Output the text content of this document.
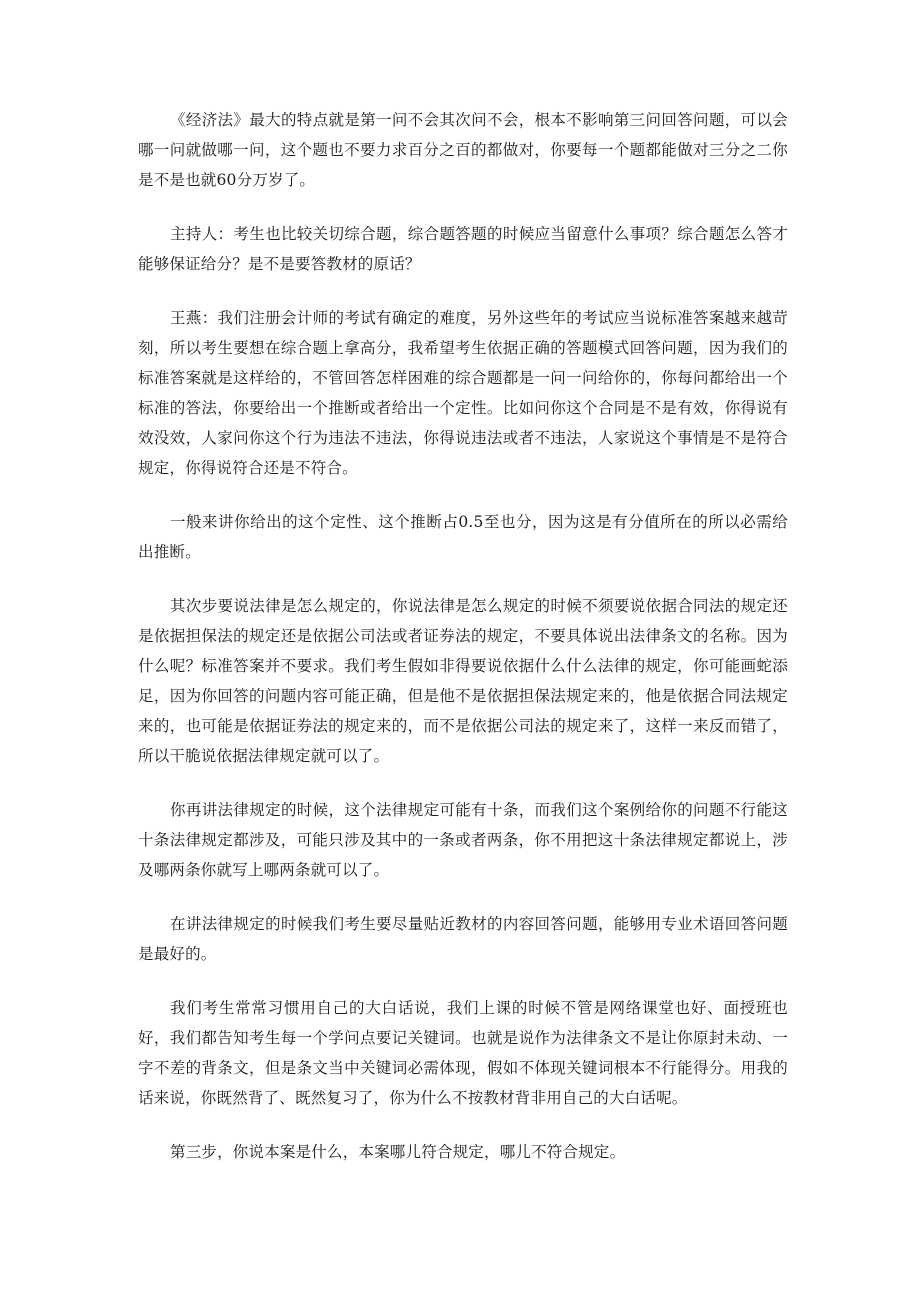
《经济法》最大的特点就是第一问不会其次问不会，根本不影响第三问回答问题，可以会哪一问就做哪一问，这个题也不要力求百分之百的都做对，你要每一个题都能做对三分之二你是不是也就60分万岁了。

主持人：考生也比较关切综合题，综合题答题的时候应当留意什么事项？综合题怎么答才能够保证给分？是不是要答教材的原话？

王燕：我们注册会计师的考试有确定的难度，另外这些年的考试应当说标准答案越来越苛刻，所以考生要想在综合题上拿高分，我希望考生依据正确的答题模式回答问题，因为我们的标准答案就是这样给的，不管回答怎样困难的综合题都是一问一问给你的，你每问都给出一个标准的答法，你要给出一个推断或者给出一个定性。比如问你这个合同是不是有效，你得说有效没效，人家问你这个行为违法不违法，你得说违法或者不违法，人家说这个事情是不是符合规定，你得说符合还是不符合。

一般来讲你给出的这个定性、这个推断占0.5至也分，因为这是有分值所在的所以必需给出推断。

其次步要说法律是怎么规定的，你说法律是怎么规定的时候不须要说依据合同法的规定还是依据担保法的规定还是依据公司法或者证券法的规定，不要具体说出法律条文的名称。因为什么呢？标准答案并不要求。我们考生假如非得要说依据什么什么法律的规定，你可能画蛇添足，因为你回答的问题内容可能正确，但是他不是依据担保法规定来的，他是依据合同法规定来的，也可能是依据证券法的规定来的，而不是依据公司法的规定来了，这样一来反而错了，所以干脆说依据法律规定就可以了。

你再讲法律规定的时候，这个法律规定可能有十条，而我们这个案例给你的问题不行能这十条法律规定都涉及，可能只涉及其中的一条或者两条，你不用把这十条法律规定都说上，涉及哪两条你就写上哪两条就可以了。

在讲法律规定的时候我们考生要尽量贴近教材的内容回答问题，能够用专业术语回答问题是最好的。

我们考生常常习惯用自己的大白话说，我们上课的时候不管是网络课堂也好、面授班也好，我们都告知考生每一个学问点要记关键词。也就是说作为法律条文不是让你原封未动、一字不差的背条文，但是条文当中关键词必需体现，假如不体现关键词根本不行能得分。用我的话来说，你既然背了、既然复习了，你为什么不按教材背非用自己的大白话呢。

第三步，你说本案是什么，本案哪儿符合规定，哪儿不符合规定。
